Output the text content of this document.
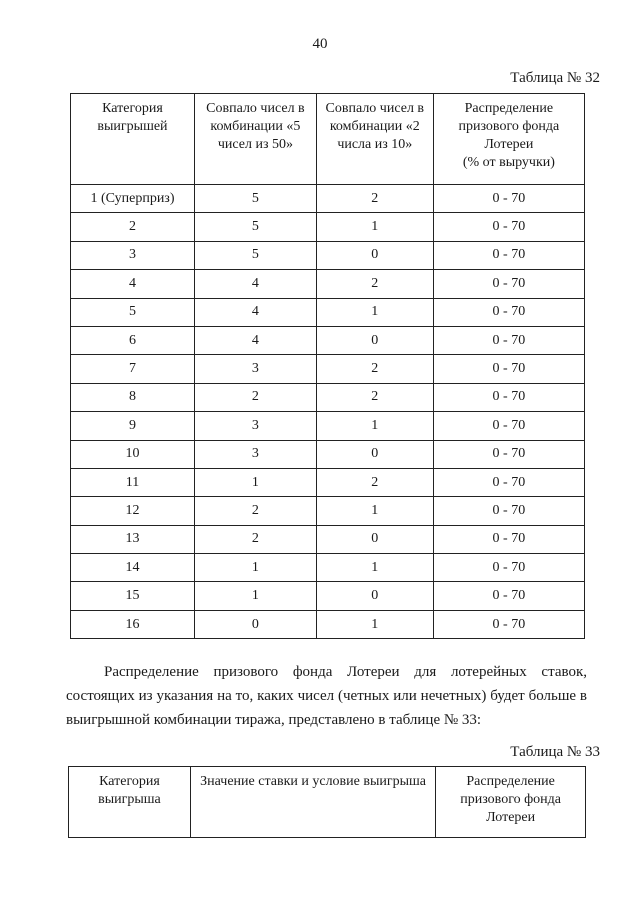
40
Таблица № 32
Категория
выигрышей	Совпало чисел в
комбинации «5
чисел из 50»	Совпало чисел в
комбинации «2
числа из 10»	Распределение
призового фонда
Лотереи
(% от выручки)
1 (Суперприз)	5	2	0 - 70
2	5	1	0 - 70
3	5	0	0 - 70
4	4	2	0 - 70
5	4	1	0 - 70
6	4	0	0 - 70
7	3	2	0 - 70
8	2	2	0 - 70
9	3	1	0 - 70
10	3	0	0 - 70
11	1	2	0 - 70
12	2	1	0 - 70
13	2	0	0 - 70
14	1	1	0 - 70
15	1	0	0 - 70
16	0	1	0 - 70

Распределение призового фонда Лотереи для лотерейных ставок, состоящих из указания на то, каких чисел (четных или нечетных) будет больше в выигрышной комбинации тиража, представлено в таблице № 33:

Таблица № 33
Категория
выигрыша	Значение ставки и условие выигрыша	Распределение
призового фонда
Лотереи
